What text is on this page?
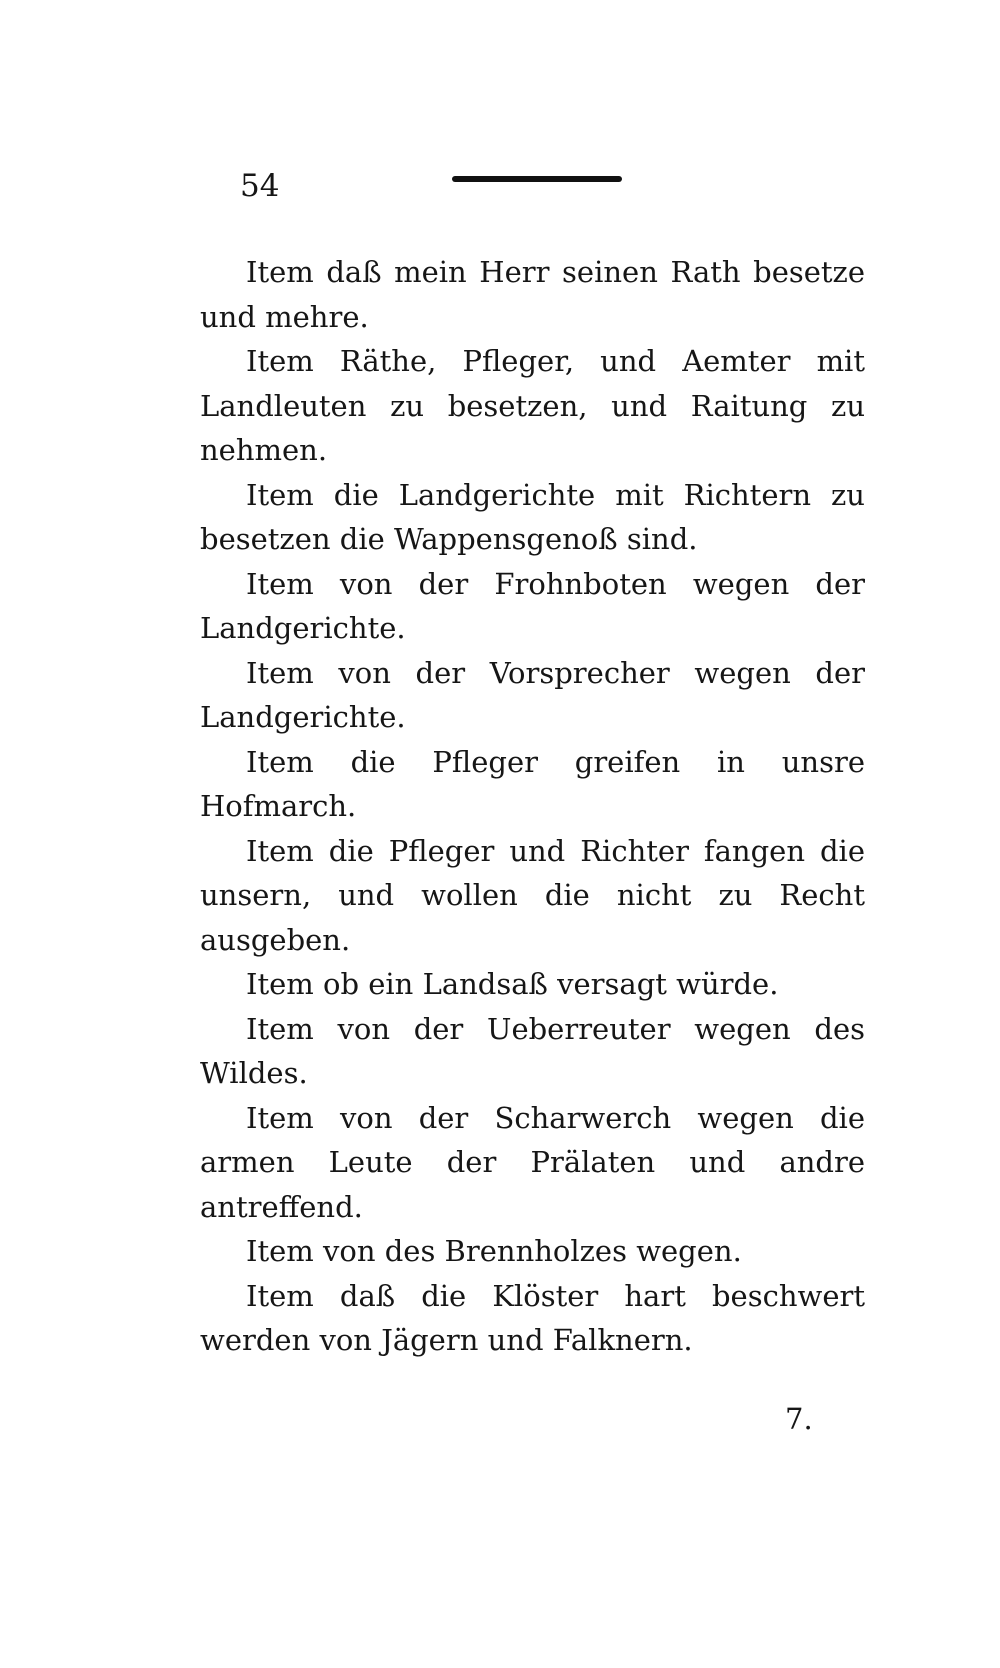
54

Item daß mein Herr seinen Rath besetze und mehre.

Item Räthe, Pfleger, und Aemter mit Landleuten zu besetzen, und Raitung zu nehmen.

Item die Landgerichte mit Richtern zu besetzen die Wappensgenoß sind.

Item von der Frohnboten wegen der Landgerichte.

Item von der Vorsprecher wegen der Landgerichte.

Item die Pfleger greifen in unsre Hofmarch.

Item die Pfleger und Richter fangen die unsern, und wollen die nicht zu Recht ausgeben.

Item ob ein Landsaß versagt würde.

Item von der Ueberreuter wegen des Wildes.

Item von der Scharwerch wegen die armen Leute der Prälaten und andre antreffend.

Item von des Brennholzes wegen.

Item daß die Klöster hart beschwert werden von Jägern und Falknern.

7.
